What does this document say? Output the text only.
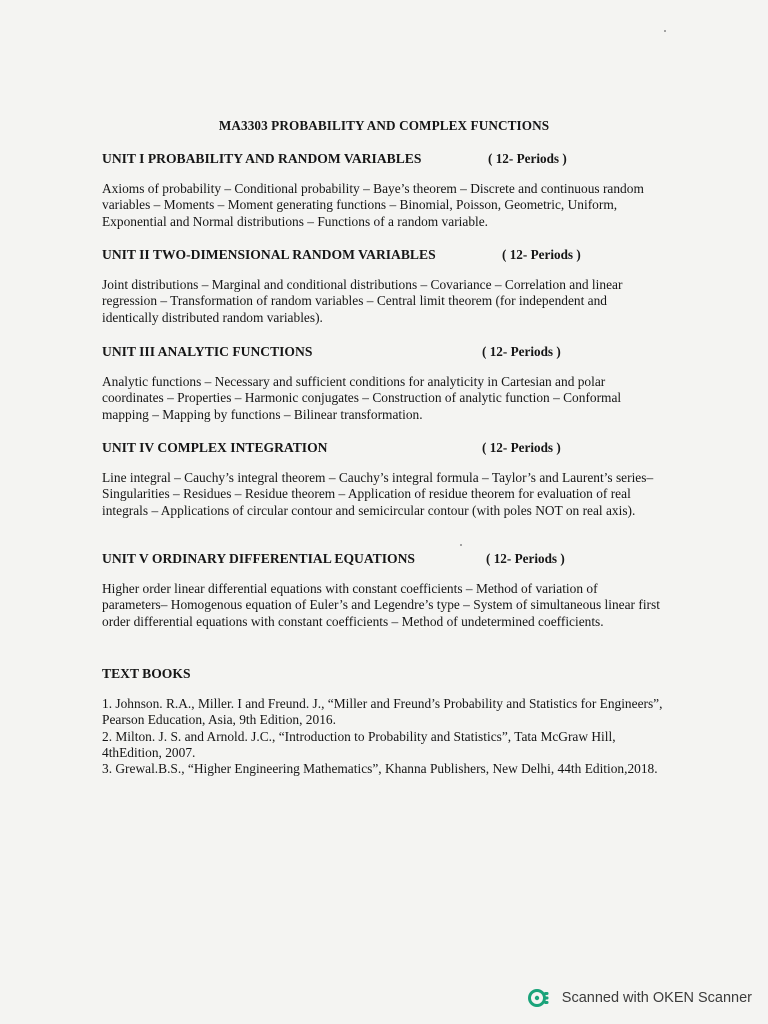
MA3303 PROBABILITY AND COMPLEX FUNCTIONS
UNIT I PROBABILITY AND RANDOM VARIABLES	( 12- Periods )
Axioms of probability – Conditional probability – Baye’s theorem – Discrete and continuous random variables – Moments – Moment generating functions – Binomial, Poisson, Geometric, Uniform, Exponential and Normal distributions – Functions of a random variable.
UNIT II TWO-DIMENSIONAL RANDOM VARIABLES	( 12- Periods )
Joint distributions – Marginal and conditional distributions – Covariance – Correlation and linear regression – Transformation of random variables – Central limit theorem (for independent and identically distributed random variables).
UNIT III ANALYTIC FUNCTIONS	( 12- Periods )
Analytic functions – Necessary and sufficient conditions for analyticity in Cartesian and polar coordinates – Properties – Harmonic conjugates – Construction of analytic function – Conformal mapping – Mapping by functions – Bilinear transformation.
UNIT IV COMPLEX INTEGRATION	( 12- Periods )
Line integral – Cauchy’s integral theorem – Cauchy’s integral formula – Taylor’s and Laurent’s series– Singularities – Residues – Residue theorem – Application of residue theorem for evaluation of real integrals – Applications of circular contour and semicircular contour (with poles NOT on real axis).
UNIT V ORDINARY DIFFERENTIAL EQUATIONS	( 12- Periods )
Higher order linear differential equations with constant coefficients – Method of variation of parameters– Homogenous equation of Euler’s and Legendre’s type – System of simultaneous linear first order differential equations with constant coefficients – Method of undetermined coefficients.
TEXT BOOKS

1. Johnson. R.A., Miller. I and Freund. J., “Miller and Freund’s Probability and Statistics for Engineers”, Pearson Education, Asia, 9th Edition, 2016.

2. Milton. J. S. and Arnold. J.C., “Introduction to Probability and Statistics”, Tata McGraw Hill, 4thEdition, 2007.

3. Grewal.B.S., “Higher Engineering Mathematics”, Khanna Publishers, New Delhi, 44th Edition,2018.

Scanned with OKEN Scanner
